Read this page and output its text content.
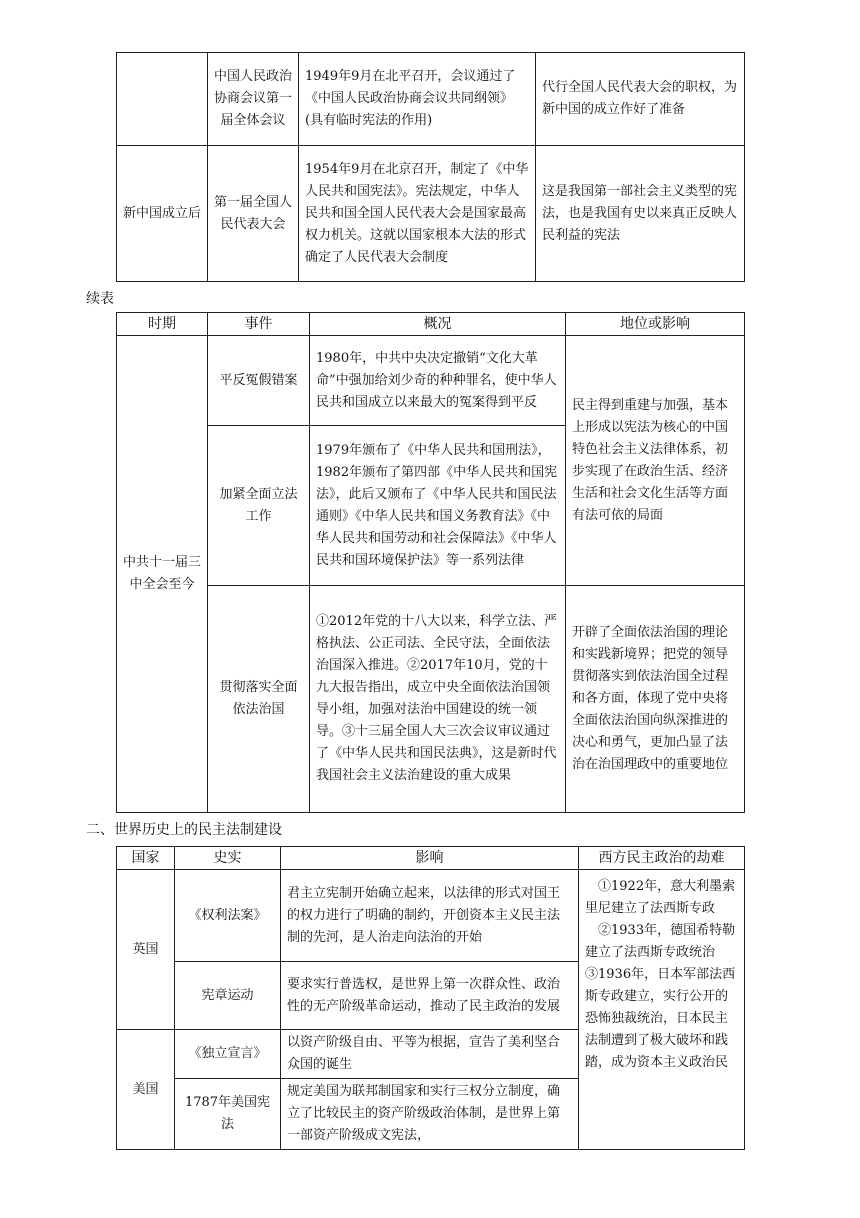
	中国人民政治协商会议第一届全体会议	1949年9月在北平召开，会议通过了《中国人民政治协商会议共同纲领》(具有临时宪法的作用)	代行全国人民代表大会的职权，为新中国的成立作好了准备
新中国成立后	第一届全国人民代表大会	1954年9月在北京召开，制定了《中华人民共和国宪法》。宪法规定，中华人民共和国全国人民代表大会是国家最高权力机关。这就以国家根本大法的形式确定了人民代表大会制度	这是我国第一部社会主义类型的宪法，也是我国有史以来真正反映人民利益的宪法
续表
时期	事件	概况	地位或影响
中共十一届三中全会至今	平反冤假错案	1980年，中共中央决定撤销“文化大革命”中强加给刘少奇的种种罪名，使中华人民共和国成立以来最大的冤案得到平反	民主得到重建与加强，基本上形成以宪法为核心的中国特色社会主义法律体系，初步实现了在政治生活、经济生活和社会文化生活等方面有法可依的局面
	加紧全面立法工作	1979年颁布了《中华人民共和国刑法》，1982年颁布了第四部《中华人民共和国宪法》，此后又颁布了《中华人民共和国民法通则》《中华人民共和国义务教育法》《中华人民共和国劳动和社会保障法》《中华人民共和国环境保护法》等一系列法律	
	贯彻落实全面依法治国	①2012年党的十八大以来，科学立法、严格执法、公正司法、全民守法，全面依法治国深入推进。②2017年10月，党的十九大报告指出，成立中央全面依法治国领导小组，加强对法治中国建设的统一领导。③十三届全国人大三次会议审议通过了《中华人民共和国民法典》，这是新时代我国社会主义法治建设的重大成果	开辟了全面依法治国的理论和实践新境界；把党的领导贯彻落实到依法治国全过程和各方面，体现了党中央将全面依法治国向纵深推进的决心和勇气，更加凸显了法治在治国理政中的重要地位
二、世界历史上的民主法制建设
国家	史实	影响	西方民主政治的劫难
英国	《权利法案》	君主立宪制开始确立起来，以法律的形式对国王的权力进行了明确的制约，开创资本主义民主法制的先河，是人治走向法治的开始	①1922年，意大利墨索里尼建立了法西斯专政
②1933年，德国希特勒建立了法西斯专政统治
③1936年，日本军部法西斯专政建立，实行公开的恐怖独裁统治，日本民主法制遭到了极大破坏和践踏，成为资本主义政治民

	宪章运动	要求实行普选权，是世界上第一次群众性、政治性的无产阶级革命运动，推动了民主政治的发展	
美国	《独立宣言》	以资产阶级自由、平等为根据，宣告了美利坚合众国的诞生	
	1787年美国宪法	规定美国为联邦制国家和实行三权分立制度，确立了比较民主的资产阶级政治体制，是世界上第一部资产阶级成文宪法，	
